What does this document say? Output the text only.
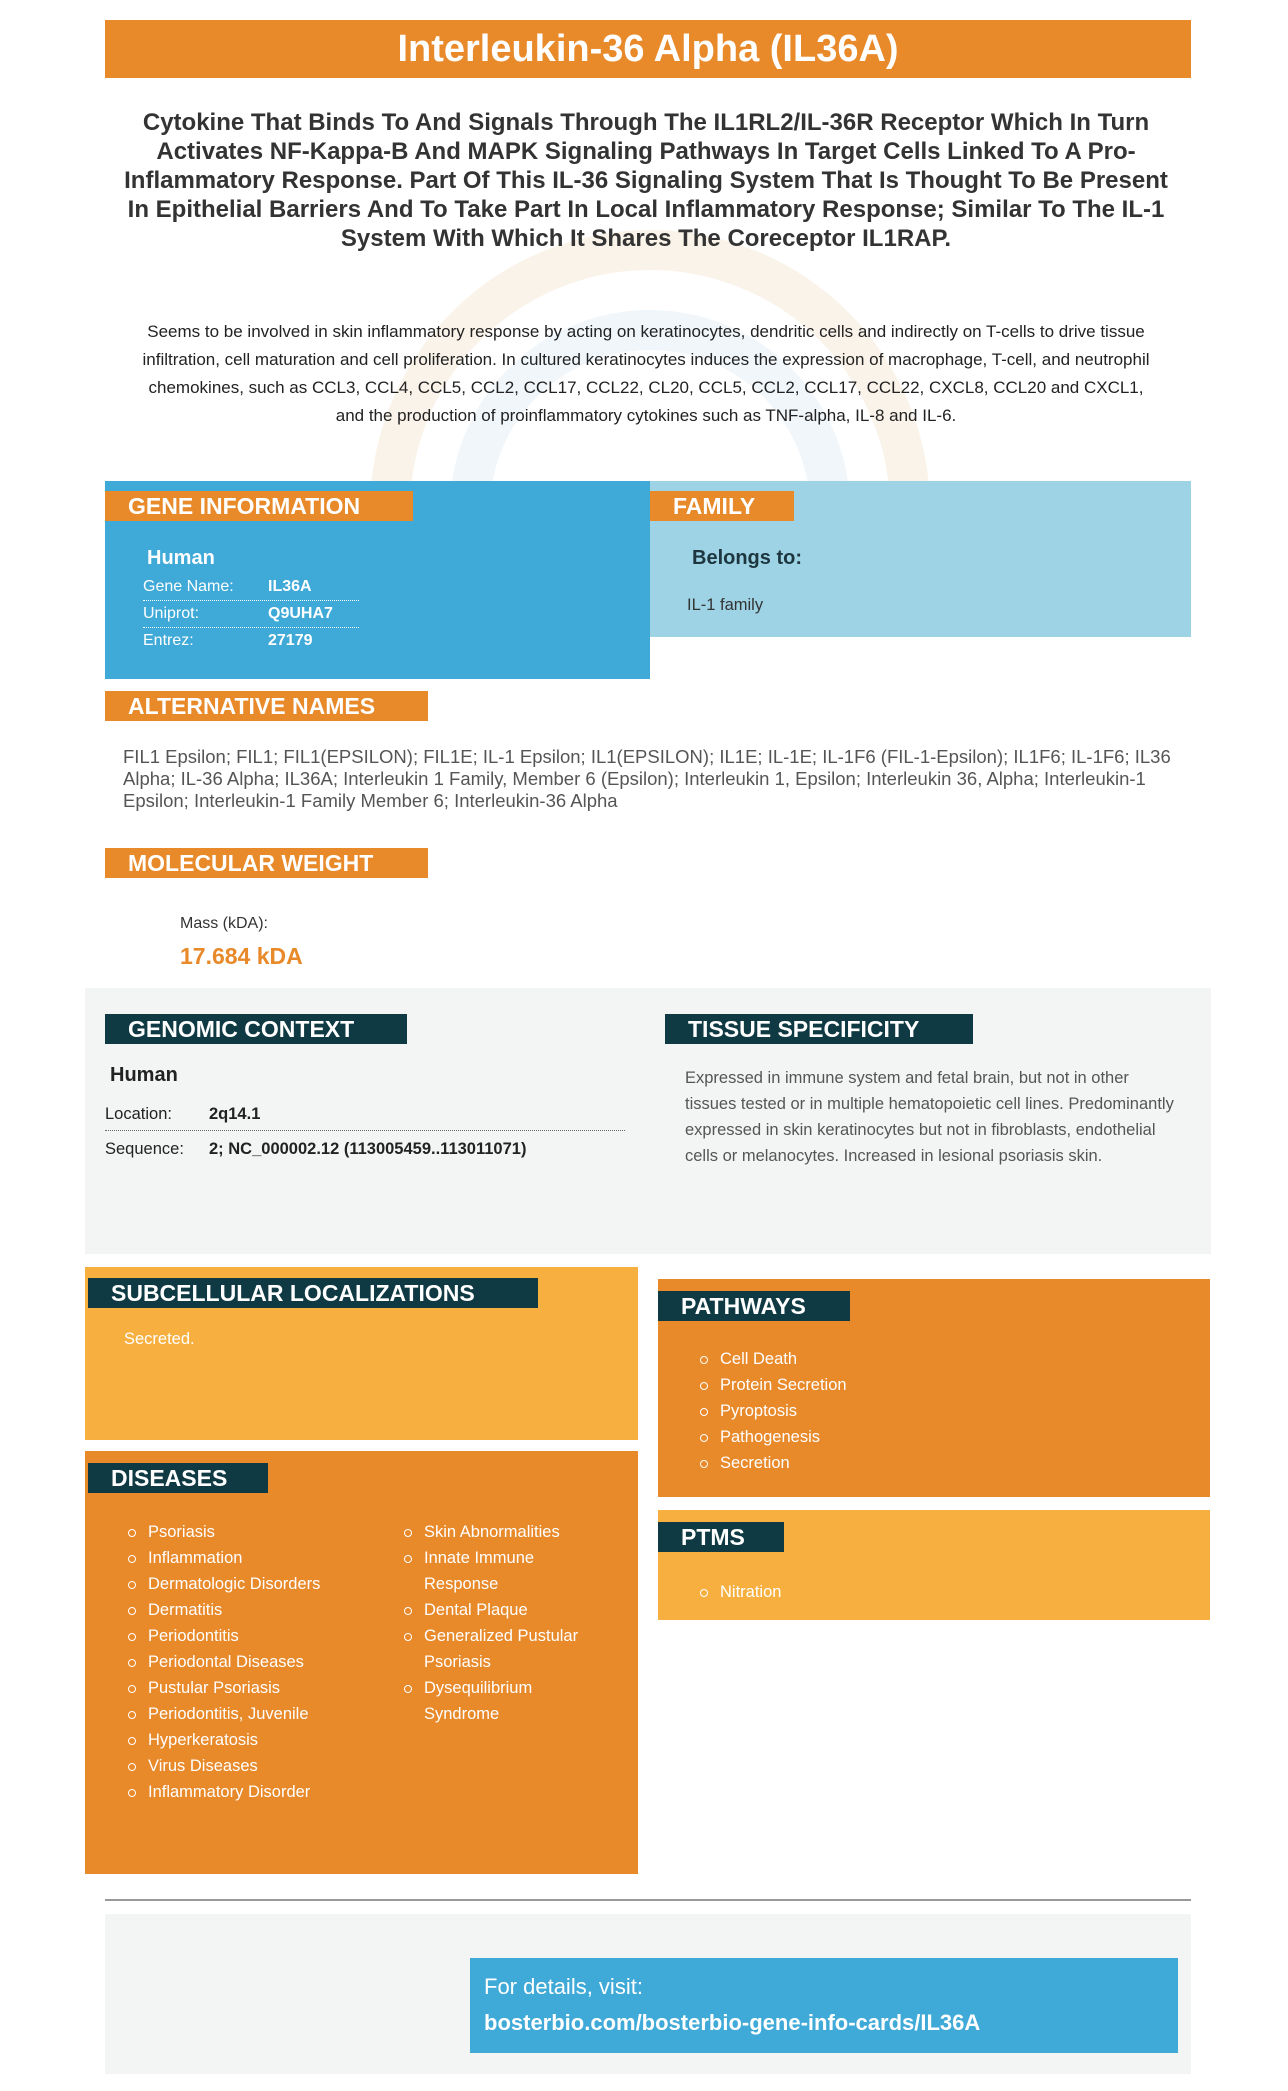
Interleukin-36 Alpha (IL36A)
Cytokine That Binds To And Signals Through The IL1RL2/IL-36R Receptor Which In Turn Activates NF-Kappa-B And MAPK Signaling Pathways In Target Cells Linked To A Pro-Inflammatory Response. Part Of This IL-36 Signaling System That Is Thought To Be Present In Epithelial Barriers And To Take Part In Local Inflammatory Response; Similar To The IL-1 System With Which It Shares The Coreceptor IL1RAP.
Seems to be involved in skin inflammatory response by acting on keratinocytes, dendritic cells and indirectly on T-cells to drive tissue infiltration, cell maturation and cell proliferation. In cultured keratinocytes induces the expression of macrophage, T-cell, and neutrophil chemokines, such as CCL3, CCL4, CCL5, CCL2, CCL17, CCL22, CL20, CCL5, CCL2, CCL17, CCL22, CXCL8, CCL20 and CXCL1, and the production of proinflammatory cytokines such as TNF-alpha, IL-8 and IL-6.
GENE INFORMATION
Human
Gene Name: IL36A
Uniprot:	Q9UHA7
Entrez:	27179
FAMILY
Belongs to:
IL-1 family
ALTERNATIVE NAMES
FIL1 Epsilon; FIL1; FIL1(EPSILON); FIL1E; IL-1 Epsilon; IL1(EPSILON); IL1E; IL-1E; IL-1F6 (FIL-1-Epsilon); IL1F6; IL-1F6; IL36 Alpha; IL-36 Alpha; IL36A; Interleukin 1 Family, Member 6 (Epsilon); Interleukin 1, Epsilon; Interleukin 36, Alpha; Interleukin-1 Epsilon; Interleukin-1 Family Member 6; Interleukin-36 Alpha
MOLECULAR WEIGHT
Mass (kDA):
17.684 kDA
GENOMIC CONTEXT
Human
Location: 2q14.1
Sequence: 2; NC_000002.12 (113005459..113011071)
TISSUE SPECIFICITY
Expressed in immune system and fetal brain, but not in other tissues tested or in multiple hematopoietic cell lines. Predominantly expressed in skin keratinocytes but not in fibroblasts, endothelial cells or melanocytes. Increased in lesional psoriasis skin.
SUBCELLULAR LOCALIZATIONS
Secreted.
DISEASES
Psoriasis
Inflammation
Dermatologic Disorders
Dermatitis
Periodontitis
Periodontal Diseases
Pustular Psoriasis
Periodontitis, Juvenile
Hyperkeratosis
Virus Diseases
Inflammatory Disorder
Skin Abnormalities
Innate Immune Response
Dental Plaque
Generalized Pustular Psoriasis
Dysequilibrium Syndrome
PATHWAYS
Cell Death
Protein Secretion
Pyroptosis
Pathogenesis
Secretion
PTMS
Nitration
For details, visit:
bosterbio.com/bosterbio-gene-info-cards/IL36A
